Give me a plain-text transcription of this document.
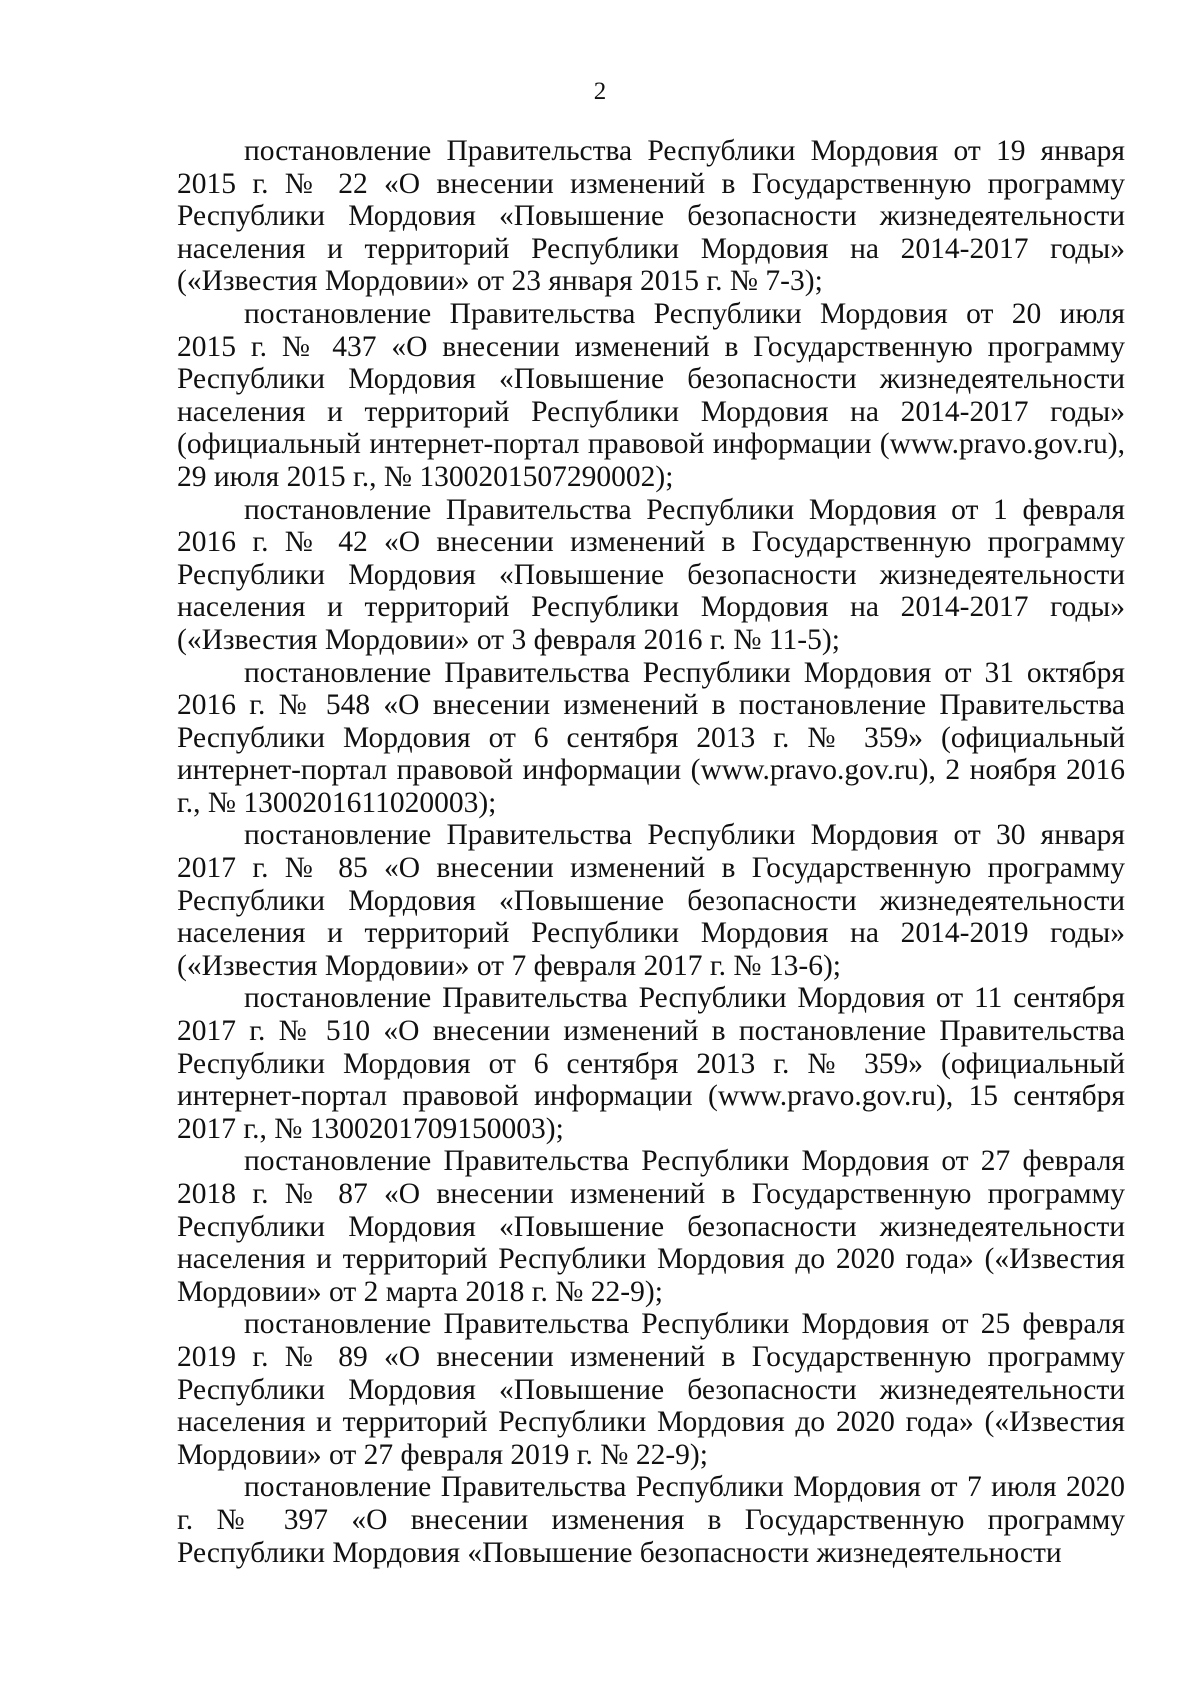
2

постановление Правительства Республики Мордовия от 19 января 2015 г. № 22 «О внесении изменений в Государственную программу Республики Мордовия «Повышение безопасности жизнедеятельности населения и территорий Республики Мордовия на 2014-2017 годы» («Известия Мордовии» от 23 января 2015 г. № 7-3);

постановление Правительства Республики Мордовия от 20 июля 2015 г. № 437 «О внесении изменений в Государственную программу Республики Мордовия «Повышение безопасности жизнедеятельности населения и территорий Республики Мордовия на 2014-2017 годы» (официальный интернет-портал правовой информации (www.pravo.gov.ru), 29 июля 2015 г., № 1300201507290002);

постановление Правительства Республики Мордовия от 1 февраля 2016 г. № 42 «О внесении изменений в Государственную программу Республики Мордовия «Повышение безопасности жизнедеятельности населения и территорий Республики Мордовия на 2014-2017 годы» («Известия Мордовии» от 3 февраля 2016 г. № 11-5);

постановление Правительства Республики Мордовия от 31 октября 2016 г. № 548 «О внесении изменений в постановление Правительства Республики Мордовия от 6 сентября 2013 г. № 359» (официальный интернет-портал правовой информации (www.pravo.gov.ru), 2 ноября 2016 г., № 1300201611020003);

постановление Правительства Республики Мордовия от 30 января 2017 г. № 85 «О внесении изменений в Государственную программу Республики Мордовия «Повышение безопасности жизнедеятельности населения и территорий Республики Мордовия на 2014-2019 годы» («Известия Мордовии» от 7 февраля 2017 г. № 13-6);

постановление Правительства Республики Мордовия от 11 сентября 2017 г. № 510 «О внесении изменений в постановление Правительства Республики Мордовия от 6 сентября 2013 г. № 359» (официальный интернет-портал правовой информации (www.pravo.gov.ru), 15 сентября 2017 г., № 1300201709150003);

постановление Правительства Республики Мордовия от 27 февраля 2018 г. № 87 «О внесении изменений в Государственную программу Республики Мордовия «Повышение безопасности жизнедеятельности населения и территорий Республики Мордовия до 2020 года» («Известия Мордовии» от 2 марта 2018 г. № 22-9);

постановление Правительства Республики Мордовия от 25 февраля 2019 г. № 89 «О внесении изменений в Государственную программу Республики Мордовия «Повышение безопасности жизнедеятельности населения и территорий Республики Мордовия до 2020 года» («Известия Мордовии» от 27 февраля 2019 г. № 22-9);

постановление Правительства Республики Мордовия от 7 июля 2020 г. № 397 «О внесении изменения в Государственную программу Республики Мордовия «Повышение безопасности жизнедеятельности
